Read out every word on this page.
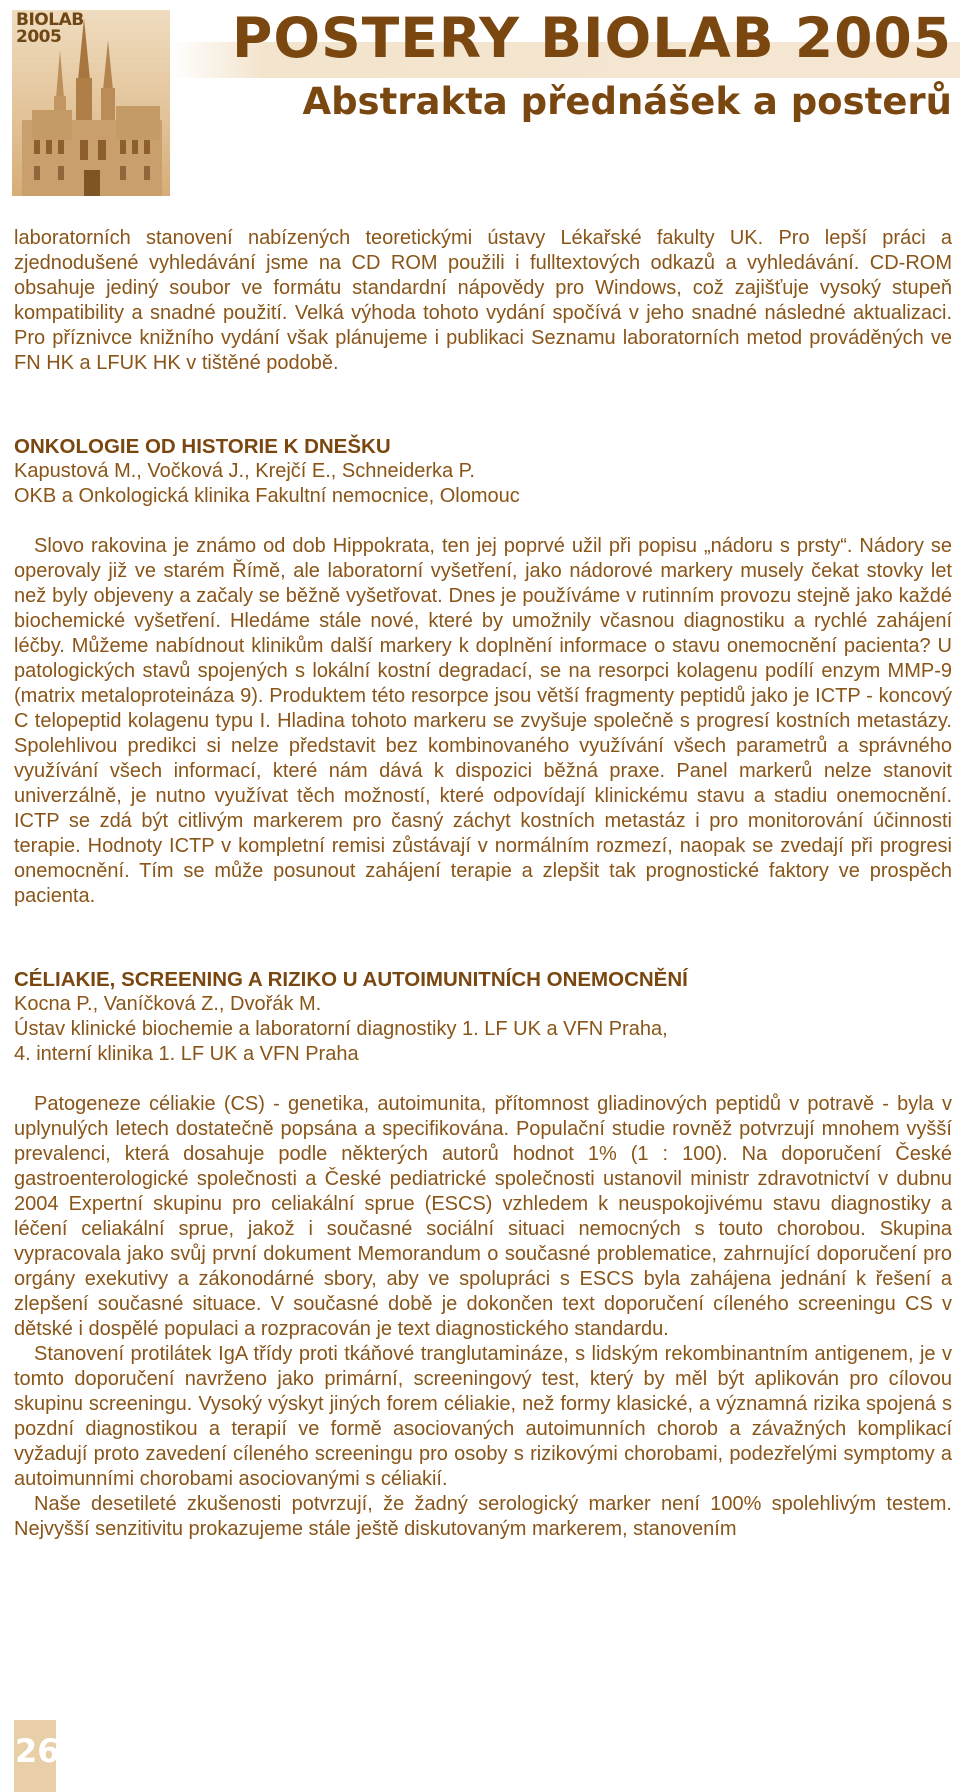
BIOLAB 2005	POSTERY BIOLAB 2005
Abstrakta přednášek a posterů

laboratorních stanovení nabízených teoretickými ústavy Lékařské fakulty UK. Pro lepší práci a zjednodušené vyhledávání jsme na CD ROM použili i fulltextových odkazů a vyhledávání. CD-ROM obsahuje jediný soubor ve formátu standardní nápovědy pro Windows, což zajišťuje vysoký stupeň kompatibility a snadné použití. Velká výhoda tohoto vydání spočívá v jeho snadné následné aktualizaci. Pro příznivce knižního vydání však plánujeme i publikaci Seznamu laboratorních metod prováděných ve FN HK a LFUK HK v tištěné podobě.

ONKOLOGIE OD HISTORIE K DNEŠKU

Kapustová M., Vočková J., Krejčí E., Schneiderka P.

OKB a Onkologická klinika Fakultní nemocnice, Olomouc

Slovo rakovina je známo od dob Hippokrata, ten jej poprvé užil při popisu „nádoru s prsty“. Nádory se operovaly již ve starém Římě, ale laboratorní vyšetření, jako nádorové markery musely čekat stovky let než byly objeveny a začaly se běžně vyšetřovat. Dnes je používáme v rutinním provozu stejně jako každé biochemické vyšetření. Hledáme stále nové, které by umožnily včasnou diagnostiku a rychlé zahájení léčby. Můžeme nabídnout klinikům další markery k doplnění informace o stavu onemocnění pacienta? U patologických stavů spojených s lokální kostní degradací, se na resorpci kolagenu podílí enzym MMP-9 (matrix metaloproteináza 9). Produktem této resorpce jsou větší fragmenty peptidů jako je ICTP - koncový C telopeptid kolagenu typu I. Hladina tohoto markeru se zvyšuje společně s progresí kostních metastázy. Spolehlivou predikci si nelze představit bez kombinovaného využívání všech parametrů a správného využívání všech informací, které nám dává k dispozici běžná praxe. Panel markerů nelze stanovit univerzálně, je nutno využívat těch možností, které odpovídají klinickému stavu a stadiu onemocnění. ICTP se zdá být citlivým markerem pro časný záchyt kostních metastáz i pro monitorování účinnosti terapie. Hodnoty ICTP v kompletní remisi zůstávají v normálním rozmezí, naopak se zvedají při progresi onemocnění. Tím se může posunout zahájení terapie a zlepšit tak prognostické faktory ve prospěch pacienta.

CÉLIAKIE, SCREENING A RIZIKO U AUTOIMUNITNÍCH ONEMOCNĚNÍ

Kocna P., Vaníčková Z., Dvořák M.

Ústav klinické biochemie a laboratorní diagnostiky 1. LF UK a VFN Praha,

4. interní klinika 1. LF UK a VFN Praha

Patogeneze céliakie (CS) - genetika, autoimunita, přítomnost gliadinových peptidů v potravě - byla v uplynulých letech dostatečně popsána a specifikována. Populační studie rovněž potvrzují mnohem vyšší prevalenci, která dosahuje podle některých autorů hodnot 1% (1 : 100). Na doporučení České gastroenterologické společnosti a České pediatrické společnosti ustanovil ministr zdravotnictví v dubnu 2004 Expertní skupinu pro celiakální sprue (ESCS) vzhledem k neuspokojivému stavu diagnostiky a léčení celiakální sprue, jakož i současné sociální situaci nemocných s touto chorobou. Skupina vypracovala jako svůj první dokument Memorandum o současné problematice, zahrnující doporučení pro orgány exekutivy a zákonodárné sbory, aby ve spolupráci s ESCS byla zahájena jednání k řešení a zlepšení současné situace. V současné době je dokončen text doporučení cíleného screeningu CS v dětské i dospělé populaci a rozpracován je text diagnostického standardu.

Stanovení protilátek IgA třídy proti tkáňové tranglutamináze, s lidským rekombinantním antigenem, je v tomto doporučení navrženo jako primární, screeningový test, který by měl být aplikován pro cílovou skupinu screeningu. Vysoký výskyt jiných forem céliakie, než formy klasické, a významná rizika spojená s pozdní diagnostikou a terapií ve formě asociovaných autoimunních chorob a závažných komplikací vyžadují proto zavedení cíleného screeningu pro osoby s rizikovými chorobami, podezřelými symptomy a autoimunními chorobami asociovanými s céliakií.

Naše desetileté zkušenosti potvrzují, že žadný serologický marker není 100% spolehlivým testem. Nejvyšší senzitivitu prokazujeme stále ještě diskutovaným markerem, stanovením

26
